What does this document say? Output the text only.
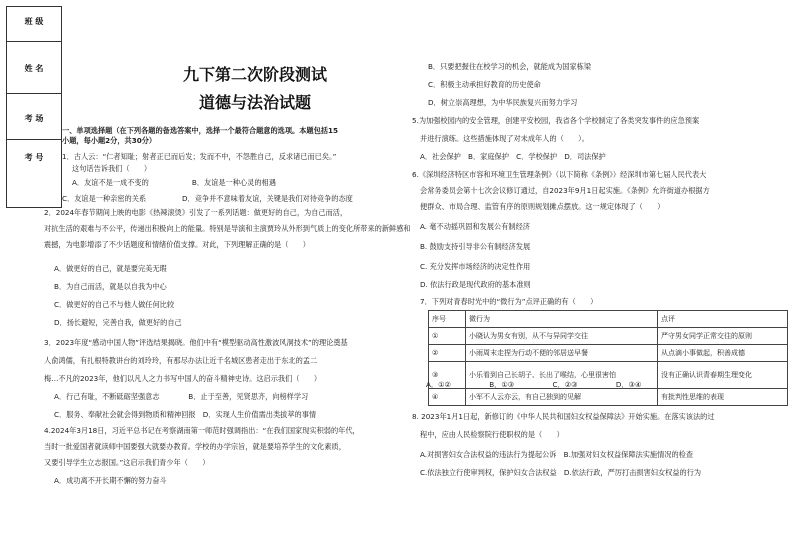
班 级
姓 名
考 场
考 号
九下第二次阶段测试
道德与法治试题
一、单项选择题（在下列各题的备选答案中，选择一个最符合题意的选项。本题包括15
小题，每小题2分，共30分）
1．古人云：“仁者知耻；射者正已而后发；发而不中，不怨胜自己，反求诸已而已矣。”
这句话告诉我们（　　）
A．友谊不是一成不变的　　　　　　B．友谊是一种心灵的相遇
C．友谊是一种亲密的关系　　　　　D．竞争并不意味着友谊，关键是我们对待竞争的态度
2．2024年春节期间上映的电影《热辣滚烫》引发了一系列话题：做更好的自己，为自己而活，
对抗生活的艰难与不公平，传递出积极向上的能量。特别是导演和主演贾玲从外形到气质上的变化所带来的新鲜感和
震撼，为电影增添了不少话题度和情绪价值支撑。对此，下列理解正确的是（　　）
A．做更好的自己，就是要完美无瑕
B．为自己而活，就是以自我为中心
C．做更好的自己不与他人做任何比较
D．扬长避短，完善自我，做更好的自己
3．2023年度“感动中国人物”评选结果揭晓。他们中有“模型驱动高性激波风洞技术”的理论奠基
人俞鸿儒，有扎根特教讲台的刘玲玲，有那尽办法让近千名城区患者走出于东北的孟二
梅…不凡的2023年，他们以凡人之力书写中国人的奋斗精神史诗。这启示我们（　　）
A．行己有耻，不断砥砺坚强意志　　　　B．止于至善，见贤思齐，向榜样学习
C．服务、奉献社会就会得到物质和精神回报　D．实现人生价值需出类拔萃的事情
4.2024年3月18日，习近平总书记在考察湖南第一师范时强调指出：“在我们国家现实积弱的年代，
当时一批爱国者就读师中国要强大就要办教育。学校的办学宗旨，就是要培养学生的文化素质，
又要引导学生立志报国。”这启示我们青少年（　　）
A．成功离不开长期不懈的努力奋斗
B．只要把握住在校学习的机会，就能成为国家栋梁
C．积极主动承担好教育的历史使命
D．树立崇高理想，为中华民族复兴而努力学习
5.为加强校园内的安全管理，创建平安校园，我省各个学校制定了各类突发事件的应急预案
并进行演练。这些措施体现了对未成年人的（　　）。
A．社会保护　B．家庭保护　C．学校保护　D．司法保护
6.《深圳经济特区市容和环境卫生管理条例》（以下简称《条例》）经深圳市第七届人民代表大
会常务委员会第十七次会议修订通过，自2023年9月1日起实施。《条例》允许街道办根据方
便群众、市局合理、监管有序的原则规划摊点摆放。这一规定体现了（　　）
A. 毫不动摇巩固和发展公有制经济
B. 鼓励支持引导非公有制经济发展
C. 充分发挥市场经济的决定性作用
D. 依法行政是现代政府的基本准则
7．下列对青春时光中的“微行为”点评正确的有（　　）
8. 2023年1月1日起，新修订的《中华人民共和国妇女权益保障法》开始实施。在落实该法的过
程中，应由人民检察院行使职权的是（　　）
A.对损害妇女合法权益的违法行为提起公诉　B.加强对妇女权益保障法实施情况的检查
C.依法独立行使审判权，保护妇女合法权益　D.依法行政，严厉打击损害妇女权益的行为
序号	微行为	点评
①	小晓认为男女有别，从不与异同学交往	严守男女同学正常交往的原则
②	小雨周末走捏为行动不便的邻居送早餐	从点滴小事做起，积善成德
③	小乐看到自己长胡子、长出了喉结，心里很害怕	没有正确认识青春期生理变化
④	小军不人云亦云，有自己独到的见解	有批判性思维的表现
A．①②　　　　　	B．①③　　　　　	C．②③　　　　　	D．③④
